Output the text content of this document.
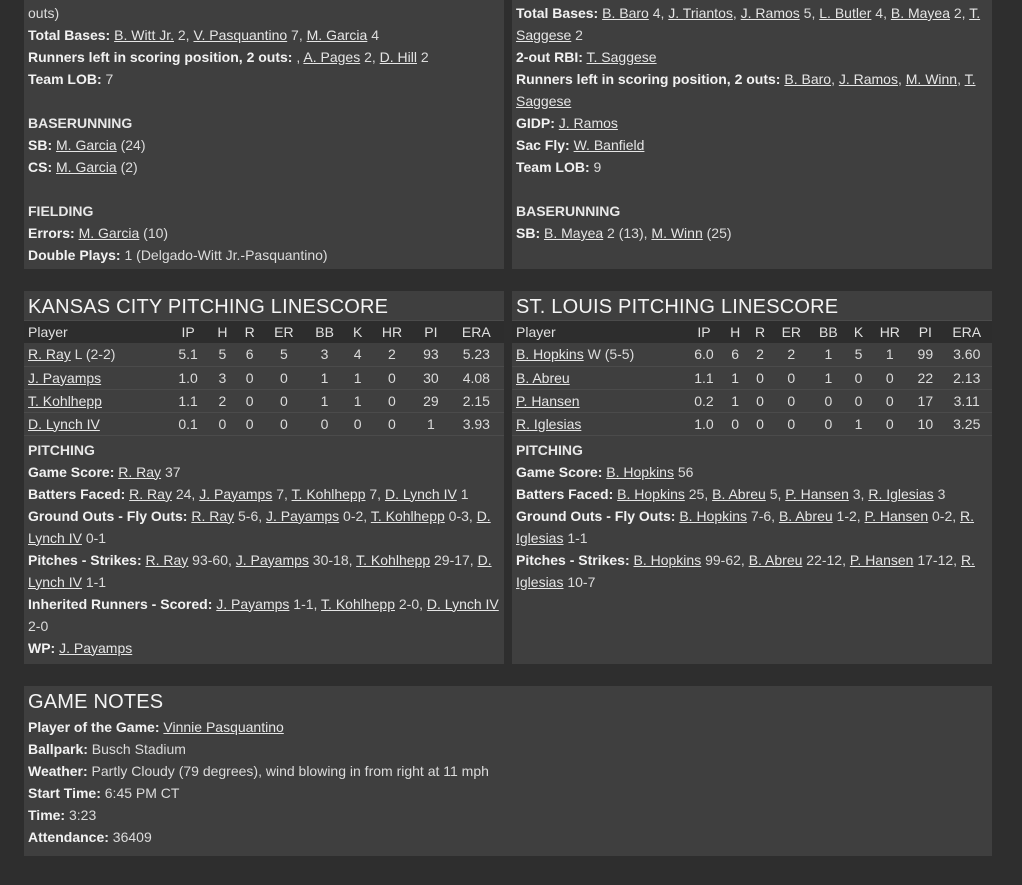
outs)
Total Bases: B. Witt Jr. 2, V. Pasquantino 7, M. Garcia 4
Runners left in scoring position, 2 outs: , A. Pages 2, D. Hill 2
Team LOB: 7
BASERUNNING
SB: M. Garcia (24)
CS: M. Garcia (2)
FIELDING
Errors: M. Garcia (10)
Double Plays: 1 (Delgado-Witt Jr.-Pasquantino)
Total Bases: B. Baro 4, J. Triantos, J. Ramos 5, L. Butler 4, B. Mayea 2, T. Saggese 2
2-out RBI: T. Saggese
Runners left in scoring position, 2 outs: B. Baro, J. Ramos, M. Winn, T. Saggese
GIDP: J. Ramos
Sac Fly: W. Banfield
Team LOB: 9
BASERUNNING
SB: B. Mayea 2 (13), M. Winn (25)
KANSAS CITY PITCHING LINESCORE
Player	IP	H	R	ER	BB	K	HR	PI	ERA
R. Ray L (2-2)	5.1	5	6	5	3	4	2	93	5.23
J. Payamps	1.0	3	0	0	1	1	0	30	4.08
T. Kohlhepp	1.1	2	0	0	1	1	0	29	2.15
D. Lynch IV	0.1	0	0	0	0	0	0	1	3.93
PITCHING
Game Score: R. Ray 37
Batters Faced: R. Ray 24, J. Payamps 7, T. Kohlhepp 7, D. Lynch IV 1
Ground Outs - Fly Outs: R. Ray 5-6, J. Payamps 0-2, T. Kohlhepp 0-3, D. Lynch IV 0-1
Pitches - Strikes: R. Ray 93-60, J. Payamps 30-18, T. Kohlhepp 29-17, D. Lynch IV 1-1
Inherited Runners - Scored: J. Payamps 1-1, T. Kohlhepp 2-0, D. Lynch IV 2-0
WP: J. Payamps
ST. LOUIS PITCHING LINESCORE
Player	IP	H	R	ER	BB	K	HR	PI	ERA
B. Hopkins W (5-5)	6.0	6	2	2	1	5	1	99	3.60
B. Abreu	1.1	1	0	0	1	0	0	22	2.13
P. Hansen	0.2	1	0	0	0	0	0	17	3.11
R. Iglesias	1.0	0	0	0	0	1	0	10	3.25
PITCHING
Game Score: B. Hopkins 56
Batters Faced: B. Hopkins 25, B. Abreu 5, P. Hansen 3, R. Iglesias 3
Ground Outs - Fly Outs: B. Hopkins 7-6, B. Abreu 1-2, P. Hansen 0-2, R. Iglesias 1-1
Pitches - Strikes: B. Hopkins 99-62, B. Abreu 22-12, P. Hansen 17-12, R. Iglesias 10-7
GAME NOTES
Player of the Game: Vinnie Pasquantino
Ballpark: Busch Stadium
Weather: Partly Cloudy (79 degrees), wind blowing in from right at 11 mph
Start Time: 6:45 PM CT
Time: 3:23
Attendance: 36409
